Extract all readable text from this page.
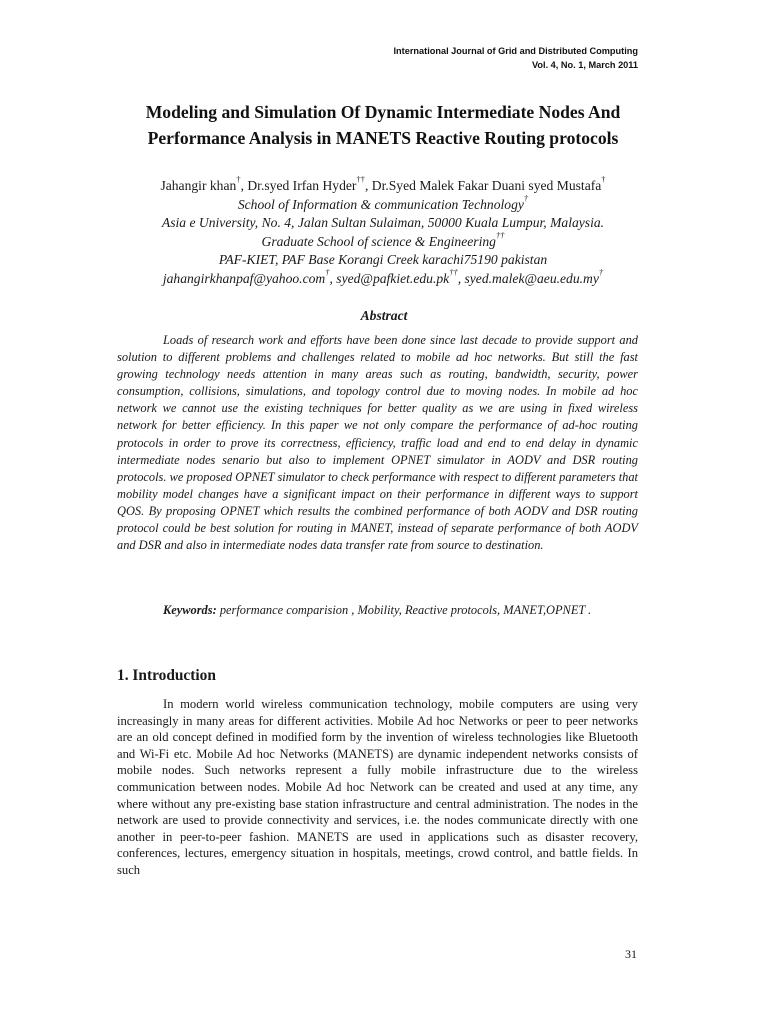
International Journal of Grid and Distributed Computing
Vol. 4, No. 1, March 2011
Modeling and Simulation Of Dynamic Intermediate Nodes And
Performance Analysis in MANETS Reactive Routing protocols
Jahangir khan†, Dr.syed Irfan Hyder††, Dr.Syed Malek Fakar Duani syed Mustafa†
School of Information & communication Technology†
Asia e University, No. 4, Jalan Sultan Sulaiman, 50000 Kuala Lumpur, Malaysia.
Graduate School of science & Engineering††
PAF-KIET, PAF Base Korangi Creek karachi75190 pakistan
jahangirkhanpaf@yahoo.com†, syed@pafkiet.edu.pk††, syed.malek@aeu.edu.my†
Abstract

Loads of research work and efforts have been done since last decade to provide support and solution to different problems and challenges related to mobile ad hoc networks. But still the fast growing technology needs attention in many areas such as routing, bandwidth, security, power consumption, collisions, simulations, and topology control due to moving nodes. In mobile ad hoc network we cannot use the existing techniques for better quality as we are using in fixed wireless network for better efficiency. In this paper we not only compare the performance of ad-hoc routing protocols in order to prove its correctness, efficiency, traffic load and end to end delay in dynamic intermediate nodes senario but also to implement OPNET simulator in AODV and DSR routing protocols. we proposed OPNET simulator to check performance with respect to different parameters that mobility model changes have a significant impact on their performance in different ways to support QOS. By proposing OPNET which results the combined performance of both AODV and DSR routing protocol could be best solution for routing in MANET, instead of separate performance of both AODV and DSR and also in intermediate nodes data transfer rate from source to destination.

Keywords: performance comparision , Mobility, Reactive protocols, MANET,OPNET .

1. Introduction

In modern world wireless communication technology, mobile computers are using very increasingly in many areas for different activities. Mobile Ad hoc Networks or peer to peer networks are an old concept defined in modified form by the invention of wireless technologies like Bluetooth and Wi-Fi etc. Mobile Ad hoc Networks (MANETS) are dynamic independent networks consists of mobile nodes. Such networks represent a fully mobile infrastructure due to the wireless communication between nodes. Mobile Ad hoc Network can be created and used at any time, any where without any pre-existing base station infrastructure and central administration. The nodes in the network are used to provide connectivity and services, i.e. the nodes communicate directly with one another in peer-to-peer fashion. MANETS are used in applications such as disaster recovery, conferences, lectures, emergency situation in hospitals, meetings, crowd control, and battle fields. In such

31
